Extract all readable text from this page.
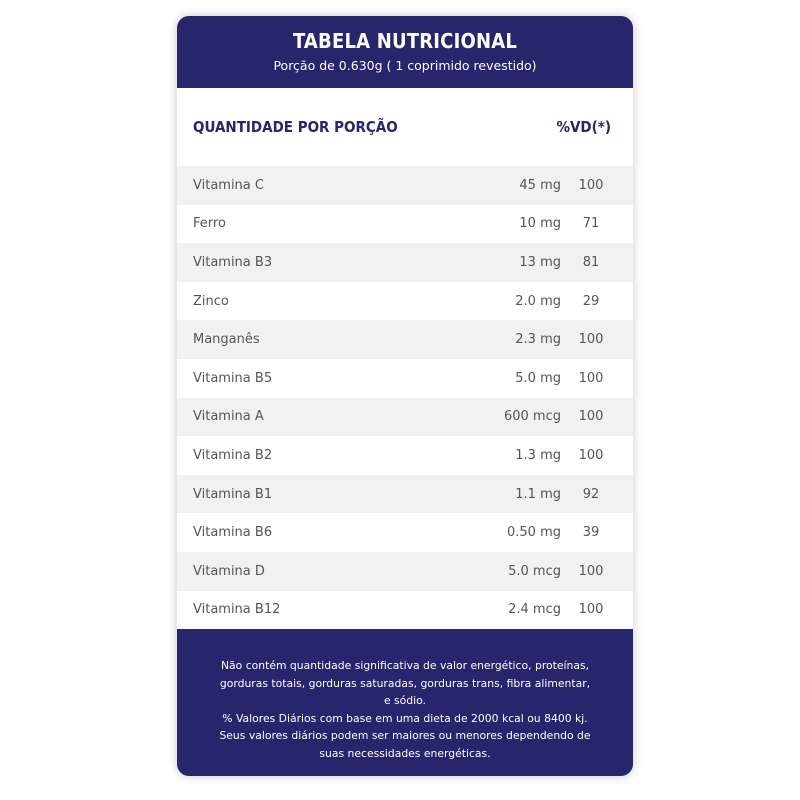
TABELA NUTRICIONAL
Porção de 0.630g ( 1 coprimido revestido)
QUANTIDADE POR PORÇÃO	%VD(*)
Vitamina C	45 mg	100
Ferro	10 mg	71
Vitamina B3	13 mg	81
Zinco	2.0 mg	29
Manganês	2.3 mg	100
Vitamina B5	5.0 mg	100
Vitamina A	600 mcg	100
Vitamina B2	1.3 mg	100
Vitamina B1	1.1 mg	92
Vitamina B6	0.50 mg	39
Vitamina D	5.0 mcg	100
Vitamina B12	2.4 mcg	100

Não contém quantidade significativa de valor energético, proteínas, gorduras totais, gorduras saturadas, gorduras trans, fibra alimentar, e sódio.

% Valores Diários com base em uma dieta de 2000 kcal ou 8400 kj. Seus valores diários podem ser maiores ou menores dependendo de suas necessidades energéticas.
